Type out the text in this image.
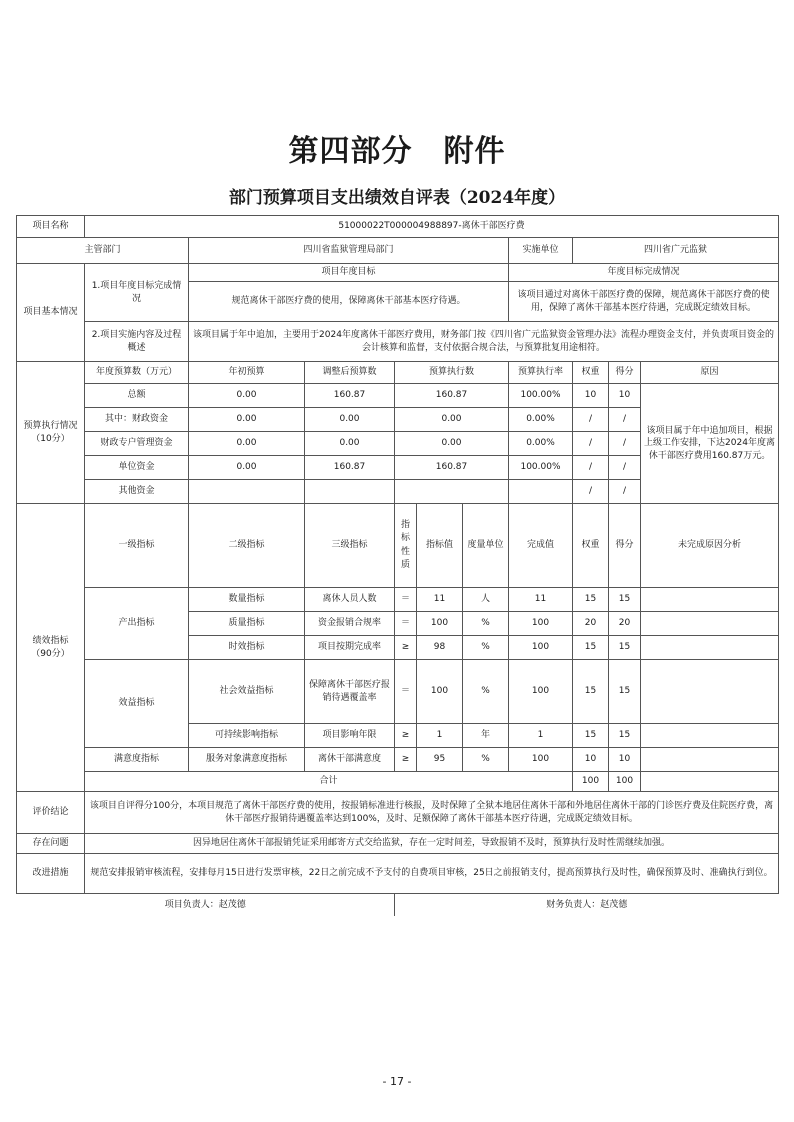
第四部分　附件
部门预算项目支出绩效自评表（2024年度）
项目名称	51000022T000004988897-离休干部医疗费									
主管部门		四川省监狱管理局部门					实施单位	四川省广元监狱		
项目基本情况	1.项目年度目标完成情况	项目年度目标					年度目标完成情况			
		规范离休干部医疗费的使用，保障离休干部基本医疗待遇。					该项目通过对离休干部医疗费的保障，规范离休干部医疗费的使用，保障了离休干部基本医疗待遇，完成既定绩效目标。			
	2.项目实施内容及过程概述	该项目属于年中追加，主要用于2024年度离休干部医疗费用，财务部门按《四川省广元监狱资金管理办法》流程办理资金支付，并负责项目资金的会计核算和监督，支付依据合规合法，与预算批复用途相符。								
预算执行情况（10分）	年度预算数（万元）	年初预算	调整后预算数	预算执行数			预算执行率	权重	得分	原因
	总额	0.00	160.87	160.87			100.00%	10	10	该项目属于年中追加项目，根据上级工作安排，下达2024年度离休干部医疗费用160.87万元。
	其中：财政资金	0.00	0.00	0.00			0.00%	/	/	
	财政专户管理资金	0.00	0.00	0.00			0.00%	/	/	
	单位资金	0.00	160.87	160.87			100.00%	/	/	
	其他资金							/	/	

绩效指标
（90分）	一级指标	二级指标	三级指标	指标性质	指标值	度量单位	完成值	权重	得分	未完成原因分析
	产出指标	数量指标	离休人员人数	＝	11	人	11	15	15	
		质量指标	资金报销合规率	＝	100	%	100	20	20	
		时效指标	项目按期完成率	≥	98	%	100	15	15	
	效益指标	社会效益指标	保障离休干部医疗报销待遇覆盖率	＝	100	%	100	15	15	
		可持续影响指标	项目影响年限	≥	1	年	1	15	15	
	满意度指标	服务对象满意度指标	离休干部满意度	≥	95	%	100	10	10	
	合计							100	100	
评价结论	该项目自评得分100分，本项目规范了离休干部医疗费的使用，按报销标准进行核报，及时保障了全狱本地居住离休干部和外地居住离休干部的门诊医疗费及住院医疗费，离休干部医疗报销待遇覆盖率达到100%，及时、足额保障了离休干部基本医疗待遇，完成既定绩效目标。									
存在问题	因异地居住离休干部报销凭证采用邮寄方式交给监狱，存在一定时间差，导致报销不及时，预算执行及时性需继续加强。									
改进措施	规范安排报销审核流程，安排每月15日进行发票审核，22日之前完成不予支付的自费项目审核，25日之前报销支付，提高预算执行及时性，确保预算及时、准确执行到位。									
项目负责人：赵茂德				财务负责人：赵茂德						
- 17 -
